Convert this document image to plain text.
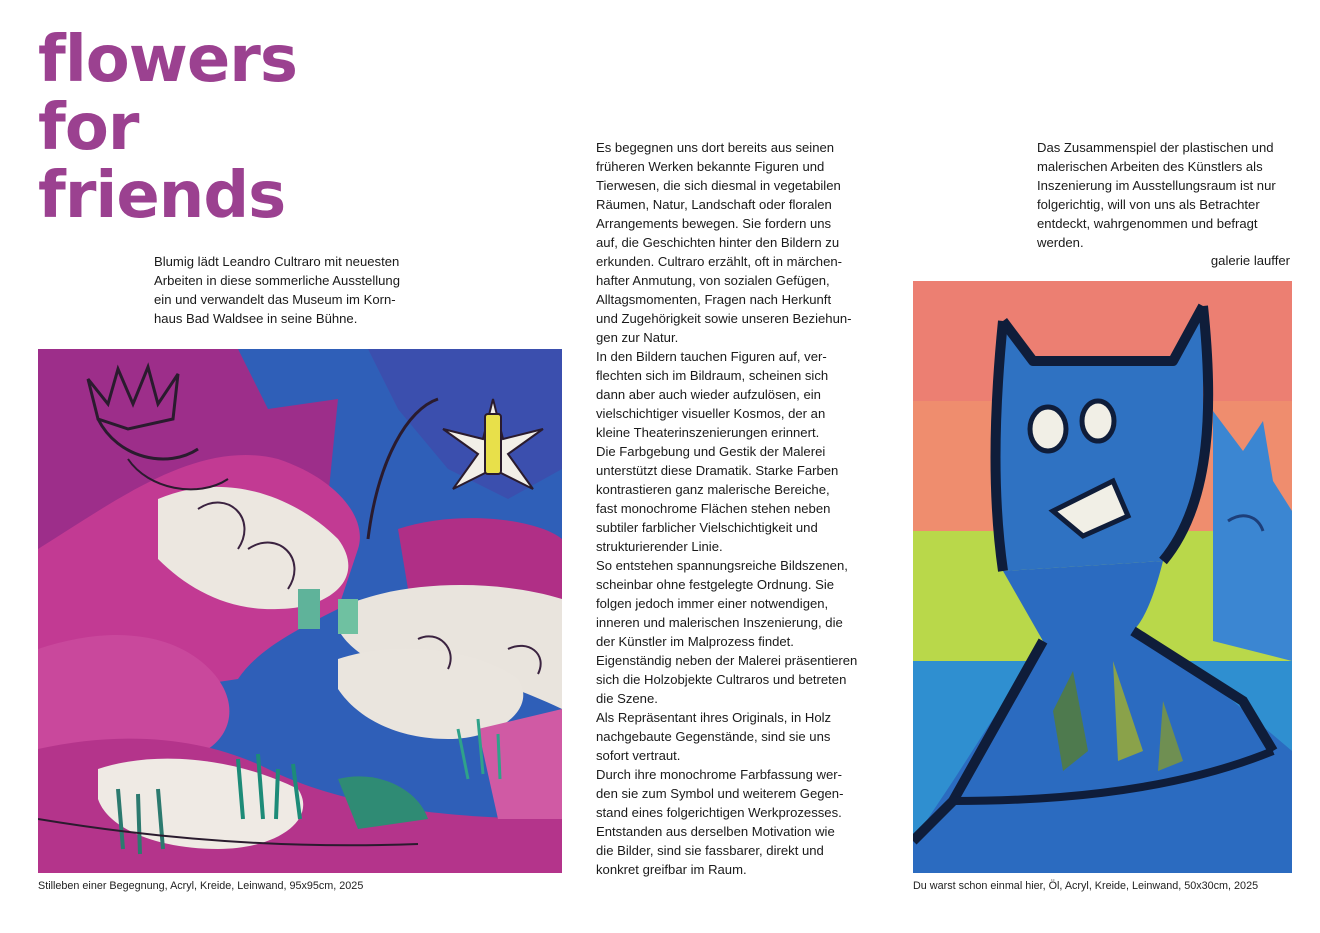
flowers
for
friends
Blumig lädt Leandro Cultraro mit neuesten
Arbeiten in diese sommerliche Ausstellung
ein und verwandelt das Museum im Korn-
haus Bad Waldsee in seine Bühne.
Es begegnen uns dort bereits aus seinen
früheren Werken bekannte Figuren und
Tierwesen, die sich diesmal in vegetabilen
Räumen, Natur, Landschaft oder floralen
Arrangements bewegen. Sie fordern uns
auf, die Geschichten hinter den Bildern zu
erkunden. Cultraro erzählt, oft in märchen-
hafter Anmutung, von sozialen Gefügen,
Alltagsmomenten, Fragen nach Herkunft
und Zugehörigkeit sowie unseren Beziehun-
gen zur Natur.
In den Bildern tauchen Figuren auf, ver-
flechten sich im Bildraum, scheinen sich
dann aber auch wieder aufzulösen, ein
vielschichtiger visueller Kosmos, der an
kleine Theaterinszenierungen erinnert.
Die Farbgebung und Gestik der Malerei
unterstützt diese Dramatik. Starke Farben
kontrastieren ganz malerische Bereiche,
fast monochrome Flächen stehen neben
subtiler farblicher Vielschichtigkeit und
strukturierender Linie.
So entstehen spannungsreiche Bildszenen,
scheinbar ohne festgelegte Ordnung. Sie
folgen jedoch immer einer notwendigen,
inneren und malerischen Inszenierung, die
der Künstler im Malprozess findet.
Eigenständig neben der Malerei präsentieren
sich die Holzobjekte Cultraros und betreten
die Szene.
Als Repräsentant ihres Originals, in Holz
nachgebaute Gegenstände, sind sie uns
sofort vertraut.
Durch ihre monochrome Farbfassung wer-
den sie zum Symbol und weiterem Gegen-
stand eines folgerichtigen Werkprozesses.
Entstanden aus derselben Motivation wie
die Bilder, sind sie fassbarer, direkt und
konkret greifbar im Raum.
Das Zusammenspiel der plastischen und
malerischen Arbeiten des Künstlers als
Inszenierung im Ausstellungsraum ist nur
folgerichtig, will von uns als Betrachter
entdeckt, wahrgenommen und befragt
werden.
galerie lauffer
Stilleben einer Begegnung, Acryl, Kreide, Leinwand, 95x95cm, 2025	Du warst schon einmal hier, Öl, Acryl, Kreide, Leinwand, 50x30cm, 2025
